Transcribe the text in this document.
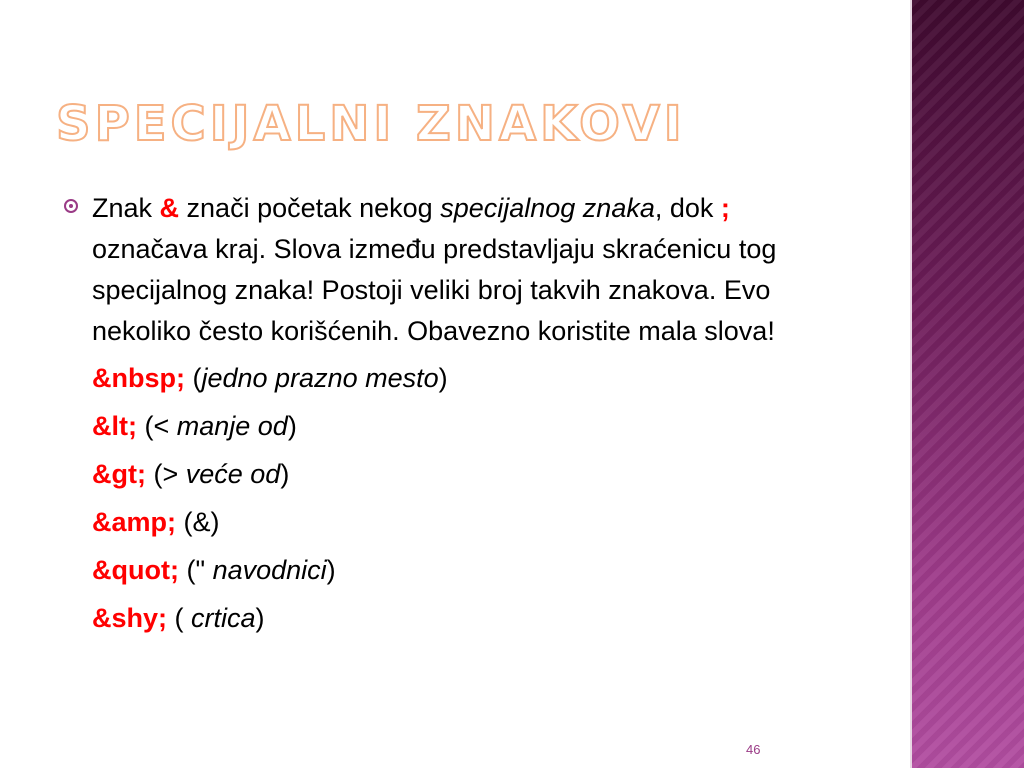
SPECIJALNI ZNAKOVI
Znak & znači početak nekog specijalnog znaka, dok ; označava kraj. Slova između predstavljaju skraćenicu tog specijalnog znaka! Postoji veliki broj takvih znakova. Evo nekoliko često korišćenih. Obavezno koristite mala slova!
&nbsp; (jedno prazno mesto)
&lt; (< manje od)
&gt; (> veće od)
&amp; (&)
&quot; (" navodnici)
&shy; ( crtica)
46
